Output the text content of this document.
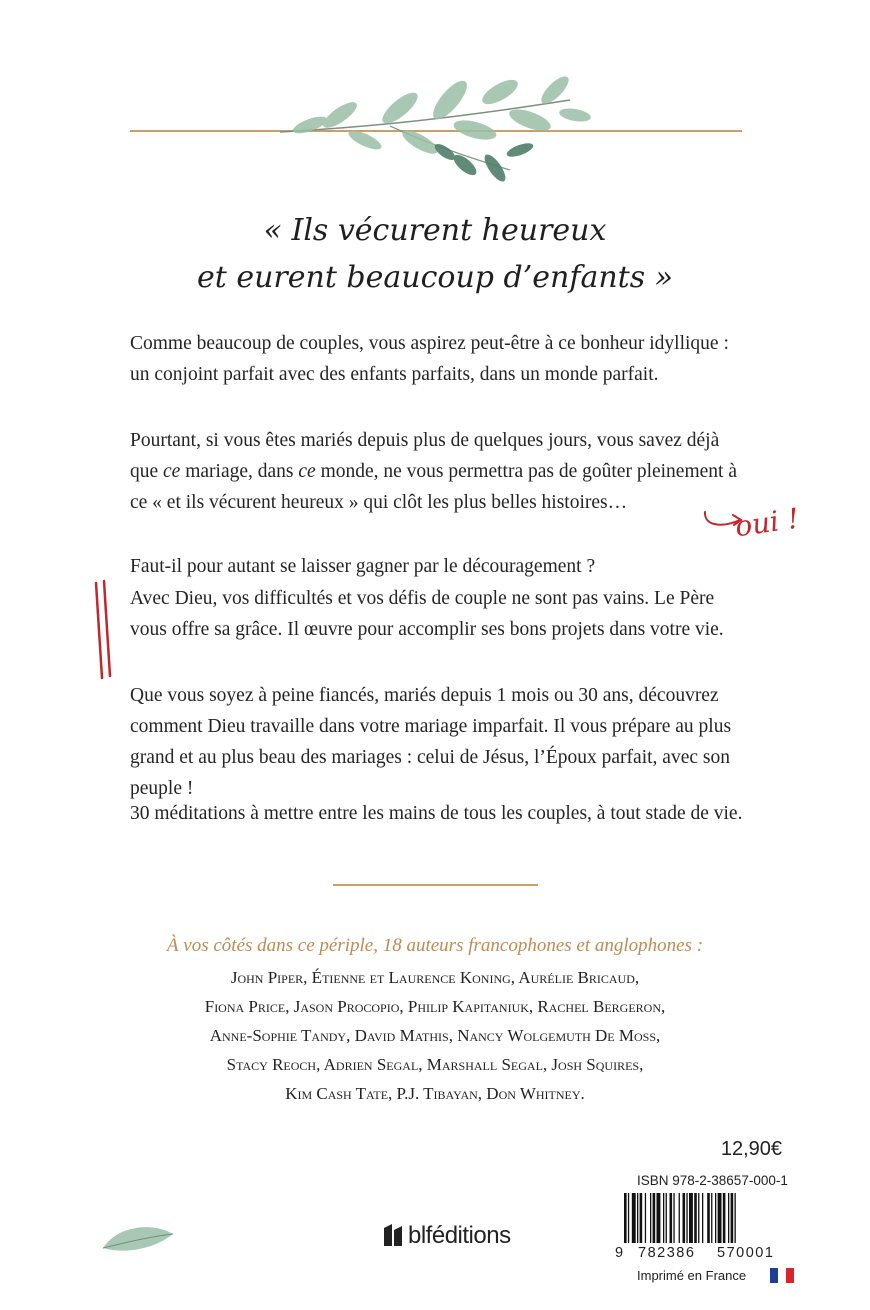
« Ils vécurent heureux
et eurent beaucoup d’enfants »

Comme beaucoup de couples, vous aspirez peut-être à ce bonheur idyllique : un conjoint parfait avec des enfants parfaits, dans un monde parfait.

Pourtant, si vous êtes mariés depuis plus de quelques jours, vous savez déjà que ce mariage, dans ce monde, ne vous permettra pas de goûter pleinement à ce « et ils vécurent heureux » qui clôt les plus belles histoires…

Faut-il pour autant se laisser gagner par le découragement ?

Avec Dieu, vos difficultés et vos défis de couple ne sont pas vains. Le Père vous offre sa grâce. Il œuvre pour accomplir ses bons projets dans votre vie.

Que vous soyez à peine fiancés, mariés depuis 1 mois ou 30 ans, découvrez comment Dieu travaille dans votre mariage imparfait. Il vous prépare au plus grand et au plus beau des mariages : celui de Jésus, l’Époux parfait, avec son peuple !

30 méditations à mettre entre les mains de tous les couples, à tout stade de vie.

oui !
À vos côtés dans ce périple, 18 auteurs francophones et anglophones :
John Piper, Étienne et Laurence Koning, Aurélie Bricaud,
Fiona Price, Jason Procopio, Philip Kapitaniuk, Rachel Bergeron,
Anne-Sophie Tandy, David Mathis, Nancy Wolgemuth De Moss,
Stacy Reoch, Adrien Segal, Marshall Segal, Josh Squires,
Kim Cash Tate, P.J. Tibayan, Don Whitney.
12,90€
ISBN 978-2-38657-000-1
9 782386 570001
Imprimé en France
blféditions
